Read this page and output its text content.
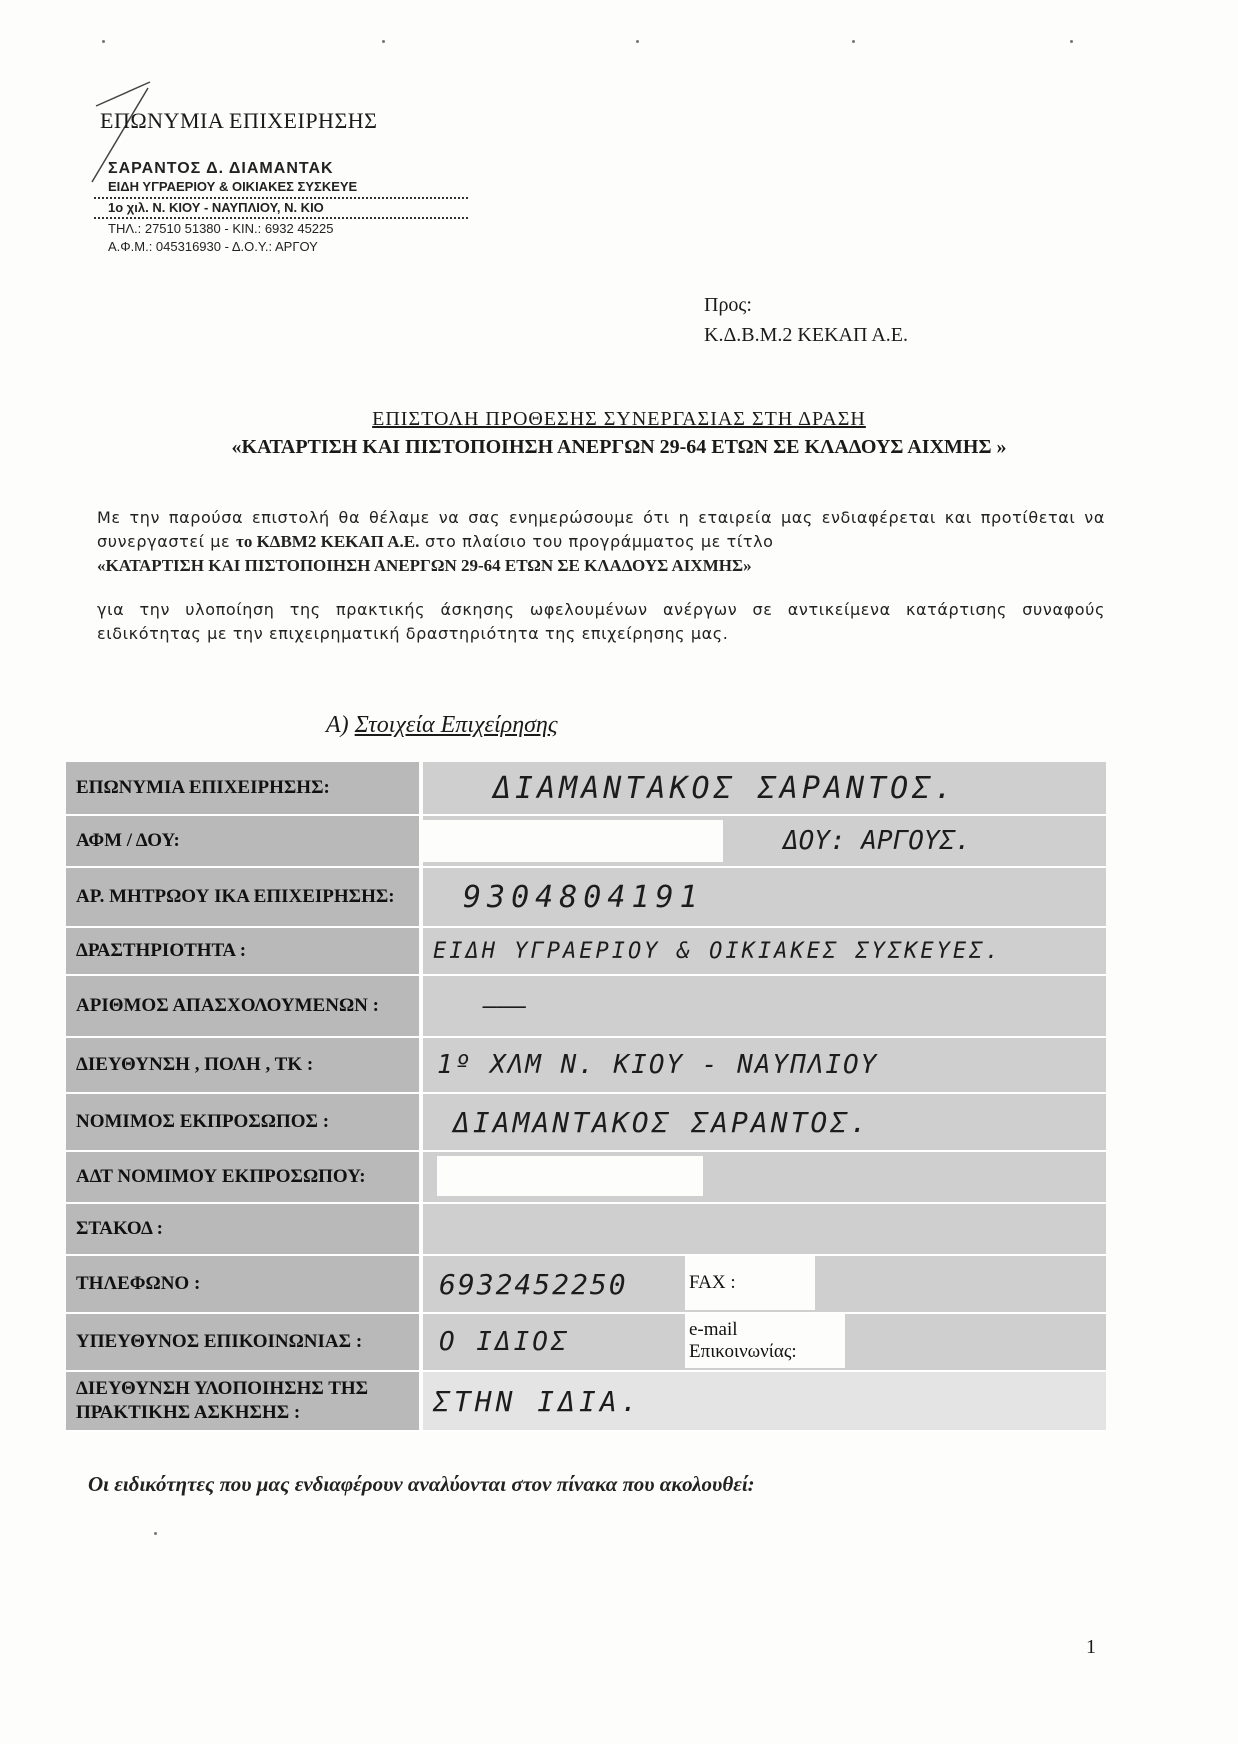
ΕΠΩΝΥΜΙΑ ΕΠΙΧΕΙΡΗΣΗΣ
ΣΑΡΑΝΤΟΣ Δ. ΔΙΑΜΑΝΤΑΚ
ΕΙΔΗ ΥΓΡΑΕΡΙΟΥ & ΟΙΚΙΑΚΕΣ ΣΥΣΚΕΥΕ
1o χιλ. Ν. ΚΙΟΥ - ΝΑΥΠΛΙΟΥ, Ν. ΚΙΟ
ΤΗΛ.: 27510 51380 - ΚΙΝ.: 6932 45225
Α.Φ.Μ.: 045316930 - Δ.Ο.Υ.: ΑΡΓΟΥ
Προς:
Κ.Δ.Β.Μ.2 ΚΕΚΑΠ Α.Ε.
ΕΠΙΣΤΟΛΗ ΠΡΟΘΕΣΗΣ ΣΥΝΕΡΓΑΣΙΑΣ ΣΤΗ ΔΡΑΣΗ
«ΚΑΤΑΡΤΙΣΗ ΚΑΙ ΠΙΣΤΟΠΟΙΗΣΗ ΑΝΕΡΓΩΝ 29-64 ΕΤΩΝ ΣΕ ΚΛΑΔΟΥΣ ΑΙΧΜΗΣ »
Με την παρούσα επιστολή θα θέλαμε να σας ενημερώσουμε ότι η εταιρεία μας ενδιαφέρεται και προτίθεται να συνεργαστεί με το ΚΔΒΜ2 ΚΕΚΑΠ Α.Ε. στο πλαίσιο του προγράμματος με τίτλο
«ΚΑΤΑΡΤΙΣΗ ΚΑΙ ΠΙΣΤΟΠΟΙΗΣΗ ΑΝΕΡΓΩΝ 29-64 ΕΤΩΝ ΣΕ ΚΛΑΔΟΥΣ ΑΙΧΜΗΣ»
για την υλοποίηση της πρακτικής άσκησης ωφελουμένων ανέργων σε αντικείμενα κατάρτισης συναφούς ειδικότητας με την επιχειρηματική δραστηριότητα της επιχείρησης μας.
Α) Στοιχεία Επιχείρησης
ΕΠΩΝΥΜΙΑ ΕΠΙΧΕΙΡΗΣΗΣ:	ΔΙΑΜΑΝΤΑΚΟΣ ΣΑΡΑΝΤΟΣ.
ΑΦΜ / ΔΟΥ:	ΔΟΥ: ΑΡΓΟΥΣ.
ΑΡ. ΜΗΤΡΩΟΥ ΙΚΑ ΕΠΙΧΕΙΡΗΣΗΣ:	9304804191
ΔΡΑΣΤΗΡΙΟΤΗΤΑ :	ΕΙΔΗ ΥΓΡΑΕΡΙΟΥ & ΟΙΚΙΑΚΕΣ ΣΥΣΚΕΥΕΣ.
ΑΡΙΘΜΟΣ ΑΠΑΣΧΟΛΟΥΜΕΝΩΝ :	———
ΔΙΕΥΘΥΝΣΗ , ΠΟΛΗ , ΤΚ :	1º ΧΛΜ Ν. ΚΙΟΥ - ΝΑΥΠΛΙΟΥ
ΝΟΜΙΜΟΣ ΕΚΠΡΟΣΩΠΟΣ :	ΔΙΑΜΑΝΤΑΚΟΣ ΣΑΡΑΝΤΟΣ.
ΑΔΤ ΝΟΜΙΜΟΥ ΕΚΠΡΟΣΩΠΟΥ:
ΣΤΑΚΟΔ :
ΤΗΛΕΦΩΝΟ :	6932452250	FAX :
ΥΠΕΥΘΥΝΟΣ ΕΠΙΚΟΙΝΩΝΙΑΣ :	Ο ΙΔΙΟΣ	e-mail Επικοινωνίας:
ΔΙΕΥΘΥΝΣΗ ΥΛΟΠΟΙΗΣΗΣ ΤΗΣ ΠΡΑΚΤΙΚΗΣ ΑΣΚΗΣΗΣ :	ΣΤΗΝ ΙΔΙΑ.
Οι ειδικότητες που μας ενδιαφέρουν αναλύονται στον πίνακα που ακολουθεί:
1
